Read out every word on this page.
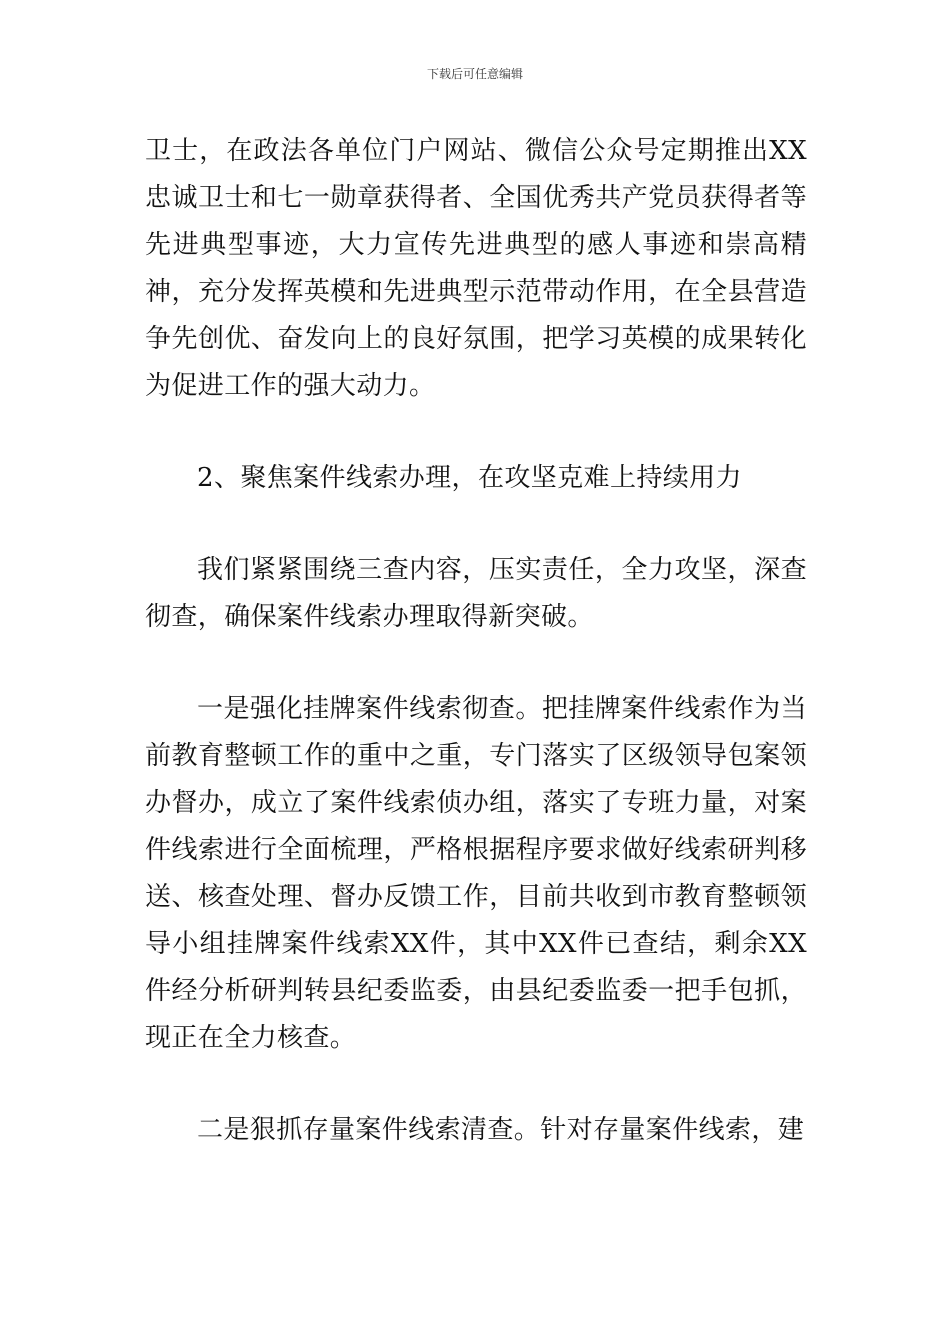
下载后可任意编辑

卫士，在政法各单位门户网站、微信公众号定期推出XX忠诚卫士和七一勋章获得者、全国优秀共产党员获得者等先进典型事迹，大力宣传先进典型的感人事迹和崇高精神，充分发挥英模和先进典型示范带动作用，在全县营造争先创优、奋发向上的良好氛围，把学习英模的成果转化为促进工作的强大动力。

2、聚焦案件线索办理，在攻坚克难上持续用力

我们紧紧围绕三查内容，压实责任，全力攻坚，深查彻查，确保案件线索办理取得新突破。

一是强化挂牌案件线索彻查。把挂牌案件线索作为当前教育整顿工作的重中之重，专门落实了区级领导包案领办督办，成立了案件线索侦办组，落实了专班力量，对案件线索进行全面梳理，严格根据程序要求做好线索研判移送、核查处理、督办反馈工作，目前共收到市教育整顿领导小组挂牌案件线索XX件，其中XX件已查结，剩余XX件经分析研判转县纪委监委，由县纪委监委一把手包抓，现正在全力核查。

二是狠抓存量案件线索清查。针对存量案件线索，建
